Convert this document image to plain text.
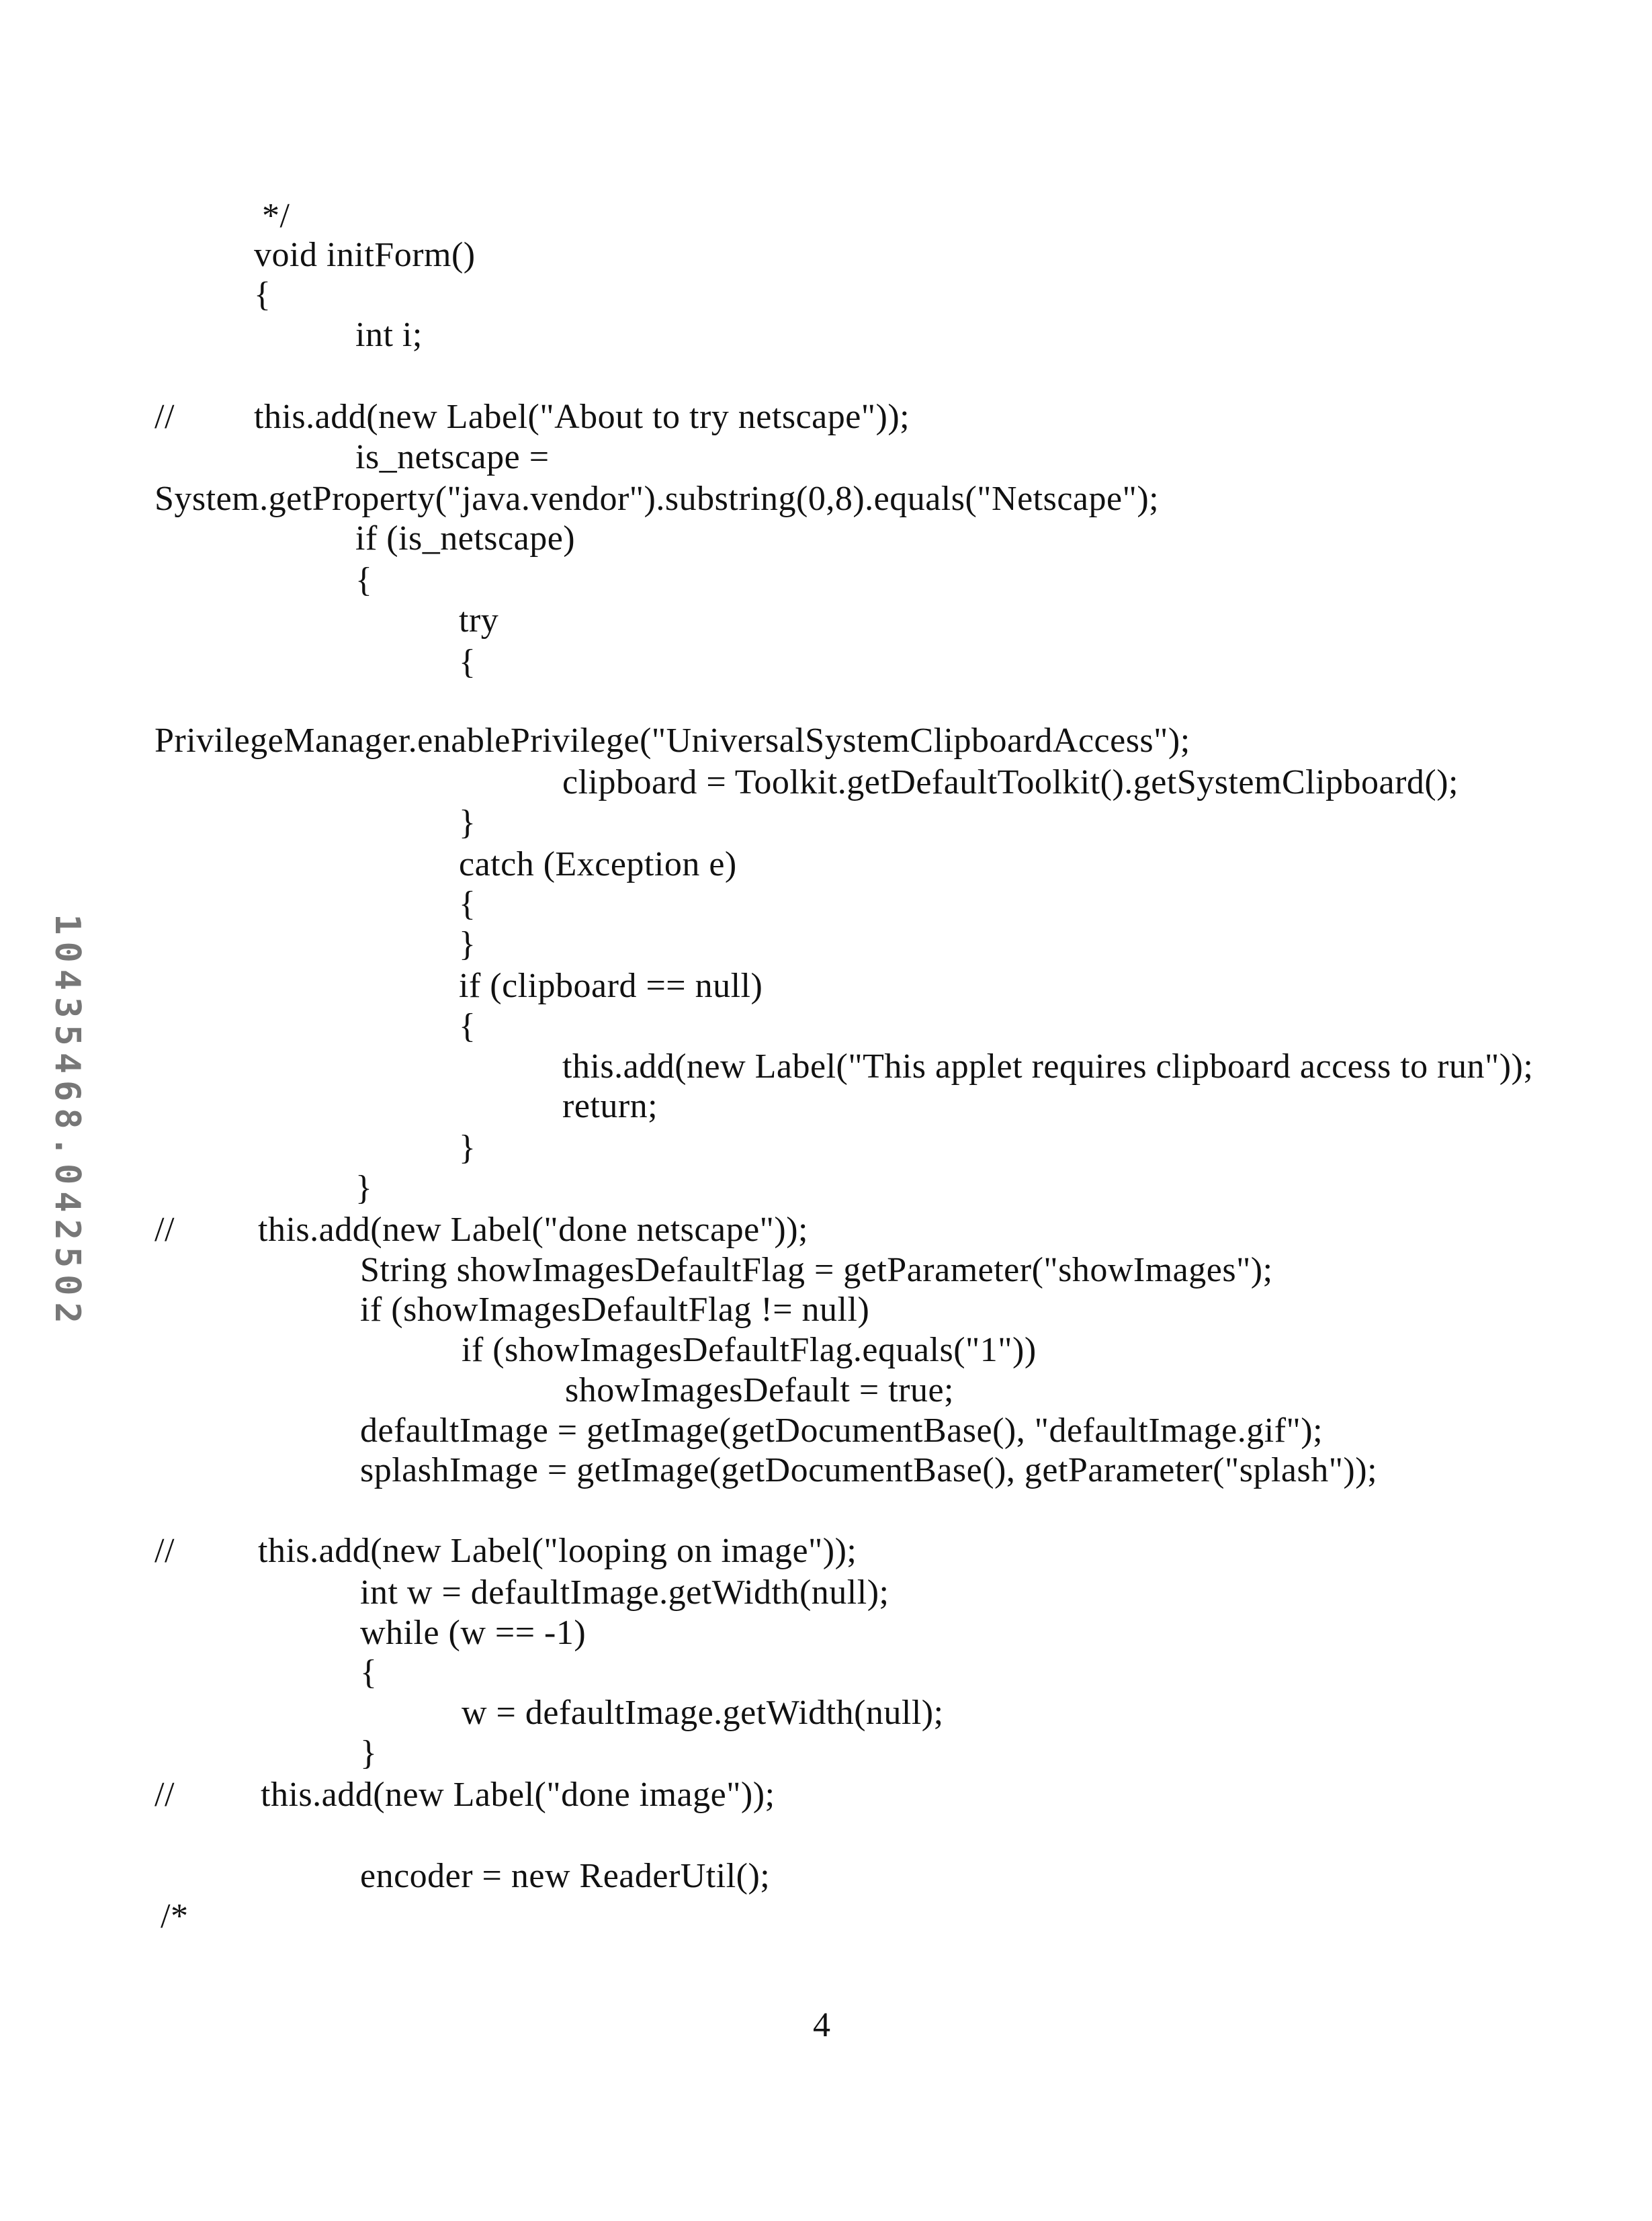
10435468.042502
*/
void initForm()
{
int i;
// this.add(new Label("About to try netscape"));
is_netscape =
System.getProperty("java.vendor").substring(0,8).equals("Netscape");
if (is_netscape)
{
try
{
PrivilegeManager.enablePrivilege("UniversalSystemClipboardAccess");
clipboard = Toolkit.getDefaultToolkit().getSystemClipboard();
}
catch (Exception e)
{
}
if (clipboard == null)
{
this.add(new Label("This applet requires clipboard access to run"));
return;
}
}
// this.add(new Label("done netscape"));
String showImagesDefaultFlag = getParameter("showImages");
if (showImagesDefaultFlag != null)
if (showImagesDefaultFlag.equals("1"))
showImagesDefault = true;
defaultImage = getImage(getDocumentBase(), "defaultImage.gif");
splashImage = getImage(getDocumentBase(), getParameter("splash"));
// this.add(new Label("looping on image"));
int w = defaultImage.getWidth(null);
while (w == -1)
{
w = defaultImage.getWidth(null);
}
// this.add(new Label("done image"));
encoder = new ReaderUtil();
/*
4
